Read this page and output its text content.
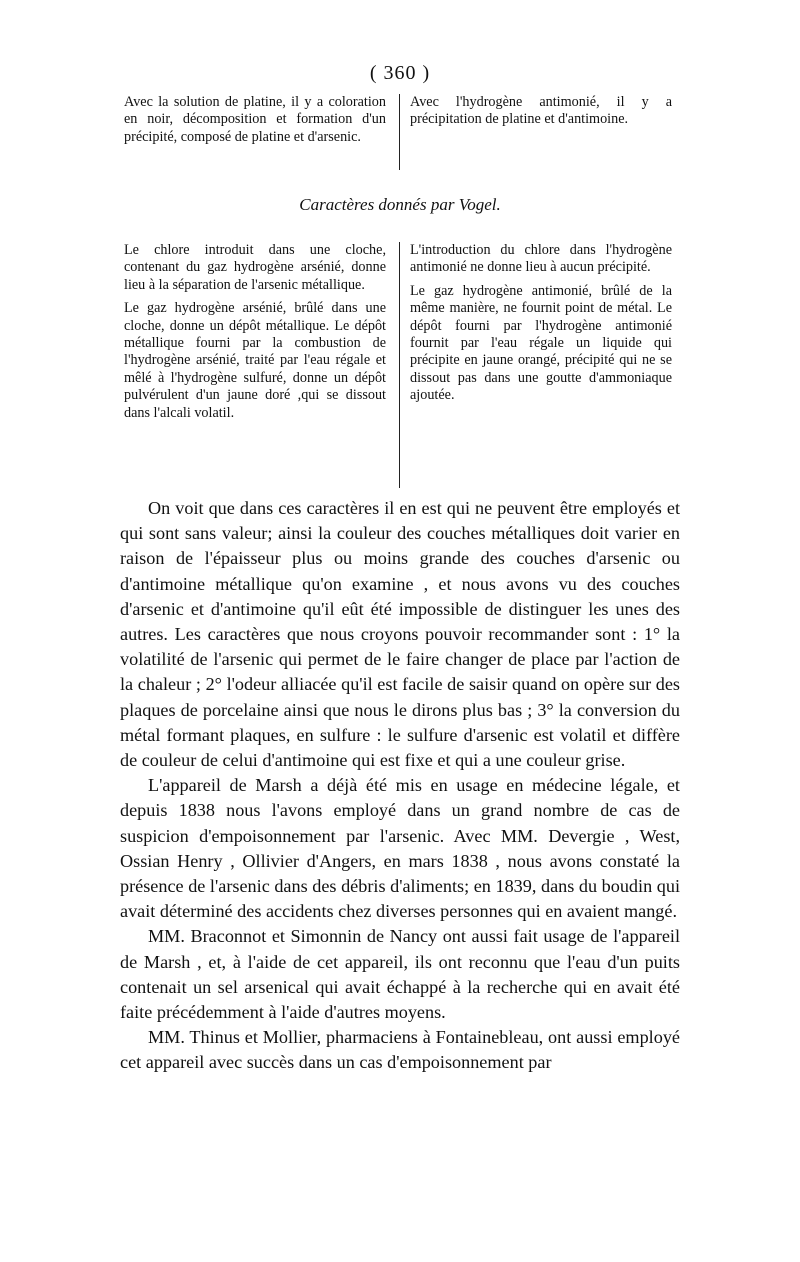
( 360 )

Avec la solution de platine, il y a coloration en noir, décomposition et formation d'un précipité, composé de platine et d'arsenic.

Avec l'hydrogène antimonié, il y a précipitation de platine et d'antimoine.

Caractères donnés par Vogel.

Le chlore introduit dans une cloche, contenant du gaz hydrogène arsénié, donne lieu à la séparation de l'arsenic métallique.

Le gaz hydrogène arsénié, brûlé dans une cloche, donne un dépôt métallique. Le dépôt métallique fourni par la combustion de l'hydrogène arsénié, traité par l'eau régale et mêlé à l'hydrogène sulfuré, donne un dépôt pulvérulent d'un jaune doré ,qui se dissout dans l'alcali volatil.

L'introduction du chlore dans l'hydrogène antimonié ne donne lieu à aucun précipité.

Le gaz hydrogène antimonié, brûlé de la même manière, ne fournit point de métal. Le dépôt fourni par l'hydrogène antimonié fournit par l'eau régale un liquide qui précipite en jaune orangé, précipité qui ne se dissout pas dans une goutte d'ammoniaque ajoutée.

On voit que dans ces caractères il en est qui ne peuvent être employés et qui sont sans valeur; ainsi la couleur des couches métalliques doit varier en raison de l'épaisseur plus ou moins grande des couches d'arsenic ou d'antimoine métallique qu'on examine , et nous avons vu des couches d'arsenic et d'antimoine qu'il eût été impossible de distinguer les unes des autres. Les caractères que nous croyons pouvoir recommander sont : 1° la volatilité de l'arsenic qui permet de le faire changer de place par l'action de la chaleur ; 2° l'odeur alliacée qu'il est facile de saisir quand on opère sur des plaques de porcelaine ainsi que nous le dirons plus bas ; 3° la conversion du métal formant plaques, en sulfure : le sulfure d'arsenic est volatil et diffère de couleur de celui d'antimoine qui est fixe et qui a une couleur grise.

L'appareil de Marsh a déjà été mis en usage en médecine légale, et depuis 1838 nous l'avons employé dans un grand nombre de cas de suspicion d'empoisonnement par l'arsenic. Avec MM. Devergie , West, Ossian Henry , Ollivier d'Angers, en mars 1838 , nous avons constaté la présence de l'arsenic dans des débris d'aliments; en 1839, dans du boudin qui avait déterminé des accidents chez diverses personnes qui en avaient mangé.

MM. Braconnot et Simonnin de Nancy ont aussi fait usage de l'appareil de Marsh , et, à l'aide de cet appareil, ils ont reconnu que l'eau d'un puits contenait un sel arsenical qui avait échappé à la recherche qui en avait été faite précédemment à l'aide d'autres moyens.

MM. Thinus et Mollier, pharmaciens à Fontainebleau, ont aussi employé cet appareil avec succès dans un cas d'empoisonnement par
